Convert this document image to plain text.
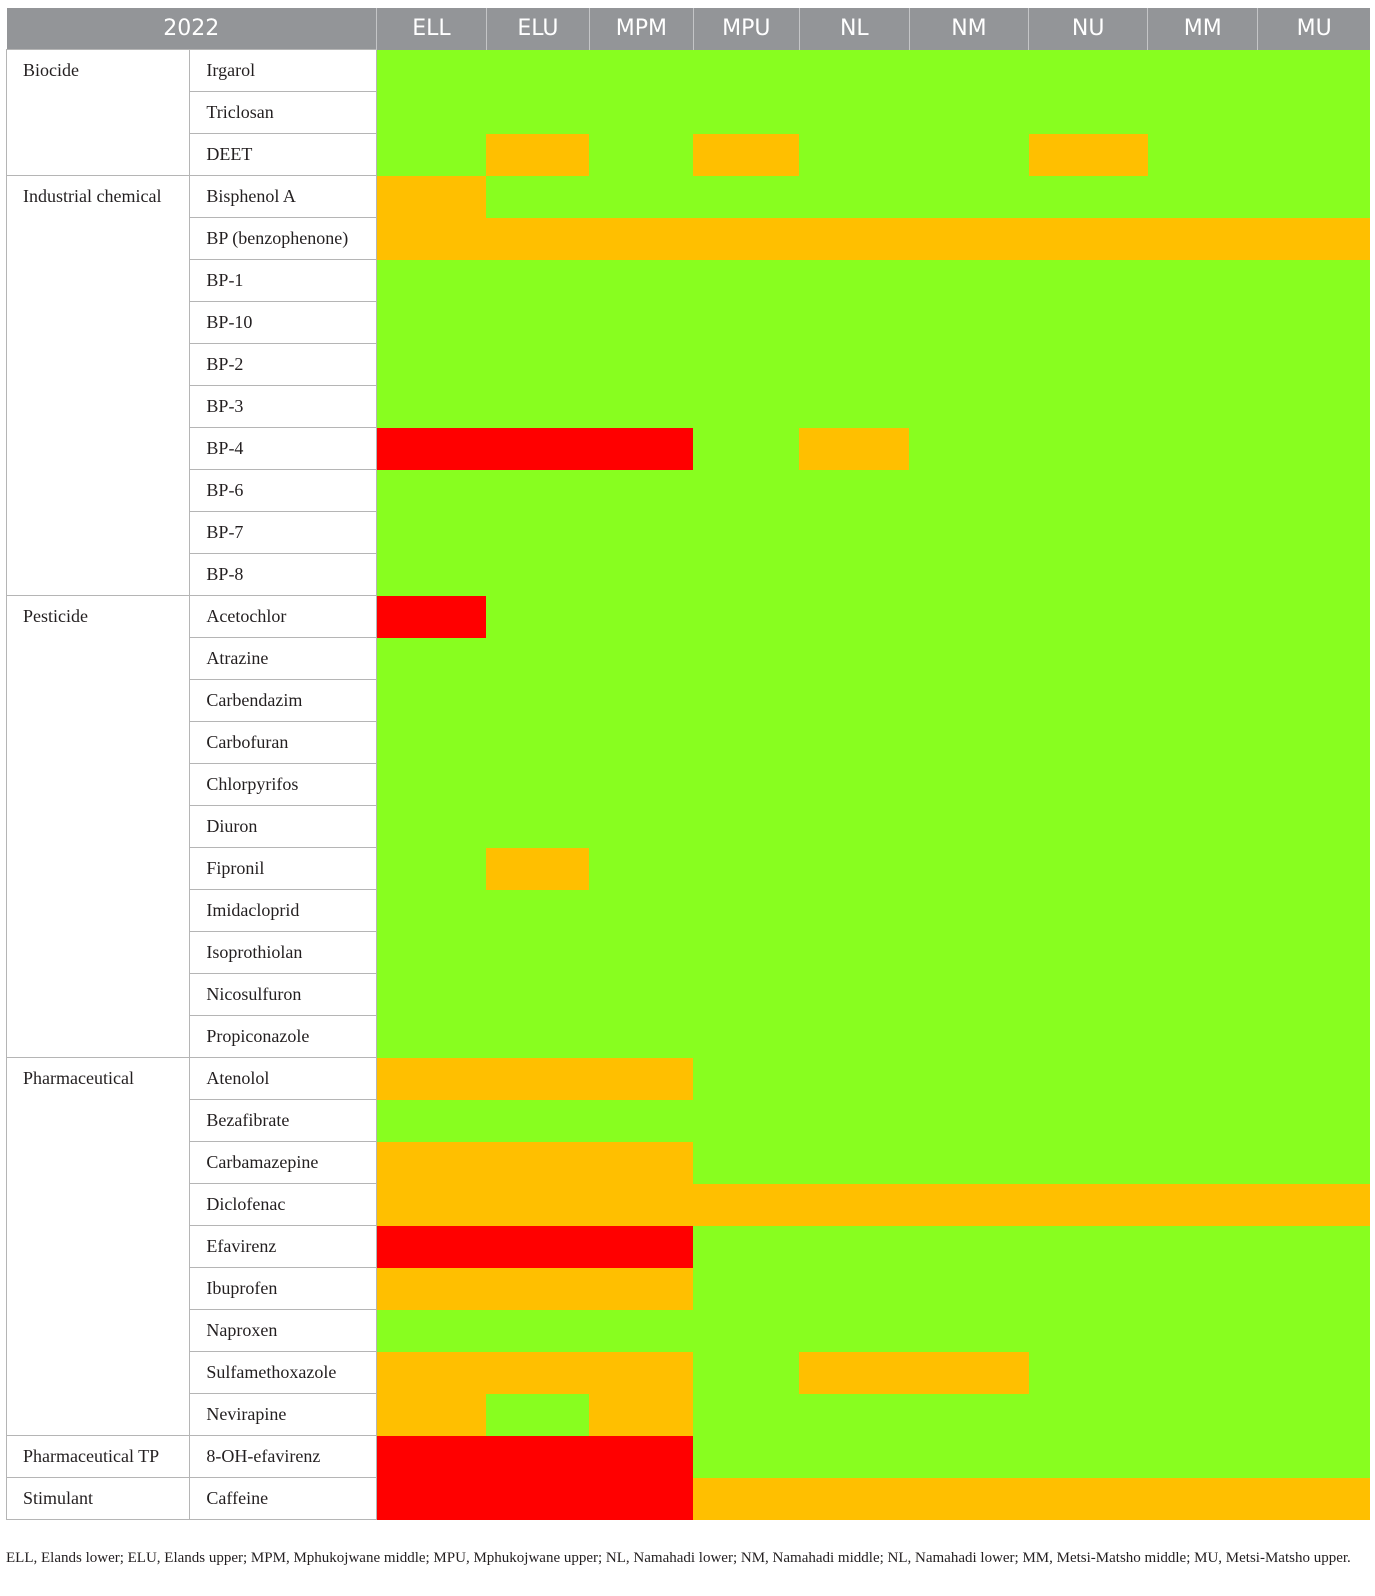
2022		ELL	ELU	MPM	MPU	NL	NM	NU	MM	MU
Biocide	Irgarol									
	Triclosan									
	DEET									
Industrial chemical	Bisphenol A									
	BP (benzophenone)									
	BP-1									
	BP-10									
	BP-2									
	BP-3									
	BP-4									
	BP-6									
	BP-7									
	BP-8									
Pesticide	Acetochlor									
	Atrazine									
	Carbendazim									
	Carbofuran									
	Chlorpyrifos									
	Diuron									
	Fipronil									
	Imidacloprid									
	Isoprothiolan									
	Nicosulfuron									
	Propiconazole									
Pharmaceutical	Atenolol									
	Bezafibrate									
	Carbamazepine									
	Diclofenac									
	Efavirenz									
	Ibuprofen									
	Naproxen									
	Sulfamethoxazole									
	Nevirapine									
Pharmaceutical TP	8-OH-efavirenz									
Stimulant	Caffeine									
ELL, Elands lower; ELU, Elands upper; MPM, Mphukojwane middle; MPU, Mphukojwane upper; NL, Namahadi lower; NM, Namahadi middle; NL, Namahadi lower; MM, Metsi-Matsho middle; MU, Metsi-Matsho upper.
